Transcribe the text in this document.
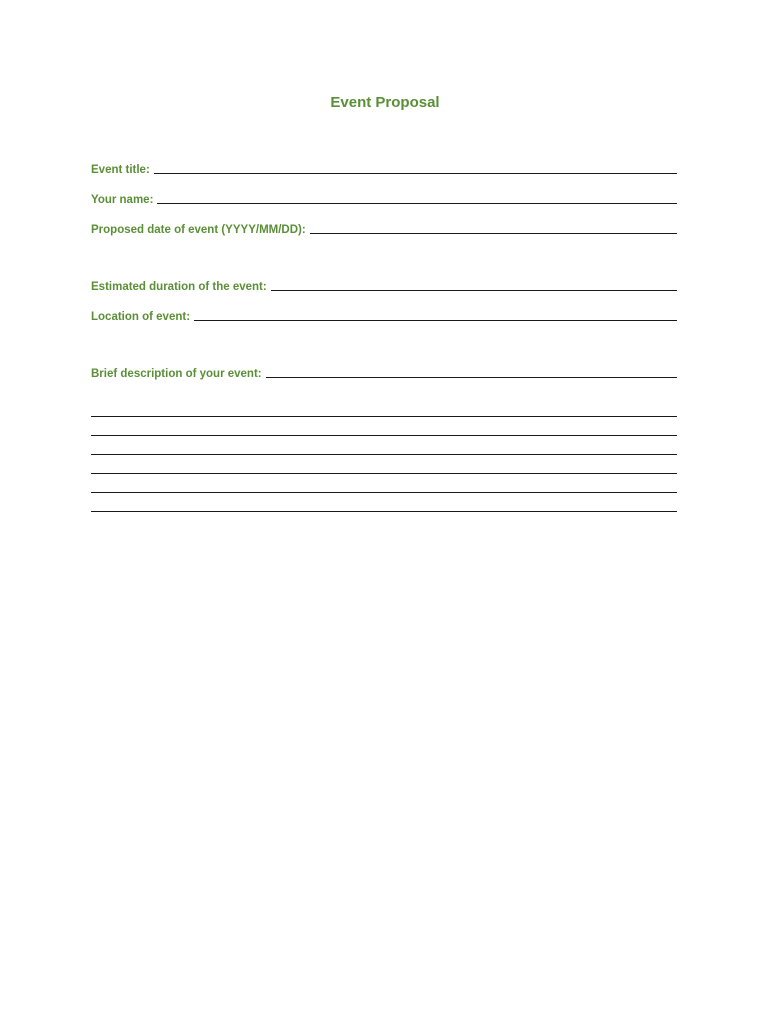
Event Proposal
Event title:
Your name:
Proposed date of event (YYYY/MM/DD):
Estimated duration of the event:
Location of event:
Brief description of your event:
